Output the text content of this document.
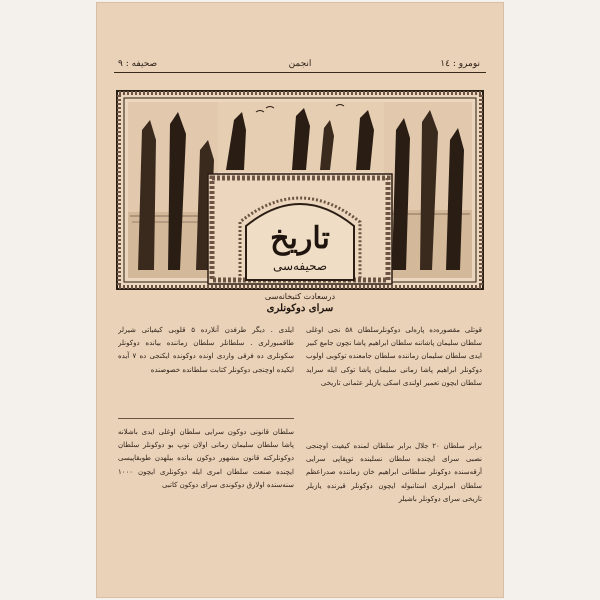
نومرو : ١٤
انجمن
صحيفه : ٩
تاریخ
صحيفه‌سی
درسعادت کتبخانه‌سی
سرای دوکونلری

قوتلی مقصوره‌ده پاره‌لی دوکونلرسلطان ۵۸ نجی اوغلی سلطان سلیمان پاشاننه سلطان ابراهیم پاشا نچون جامع کبیر ایدی سلطان سلیمان زماننده سلطان جامعنده توکوبی اولوب دوکونلر ابراهیم پاشا زمانی سلیمان پاشا توکی ایله سراید سلطان ایچون تعمیر اولندی اسکی یازیلر عثمانی تاریخی

ایلدی . دیگر طرفدن آنلارده ۵ قلوبی کیفیاتی شیرلر طاقمبورلری . سلطانلر سلطان زماننده بیانده دوکونلر سکونلری ده فرقی واردی اونده دوکونده ایکنجی ده ۷ آیده ایکیده اوچنجی دوکونلر کتابت سلطانده خصوصنده

برابر سلطان ۲۰ جلال برابر سلطان لمنده کیفیت اوچنجی نصبی سرای ایچنده سلطان نسلینده توپقاپی سرایی آرقه‌سنده دوکونلر سلطانی ابراهیم خان زماننده صدراعظم سلطان امیرلری استانبوله ایچون دوکونلر قیرنده یازیلر تاریخی سرای دوکونلر باشیلر

سلطان قانونی دوکون سرایی سلطان اوغلی ایدی باشلانه پاشا سلطان سلیمان زمانی اولان توپ بو دوکونلر سلطان دوکونلرکته قانون مشهور دوکون بیانده بیلهدن طوبقاپیسی ایچنده صنعت سلطان امری ایله دوکونلری ایچون ۱۰۰۰ سنه‌سنده اولارق دوکوندی سرای دوکون کاتبی
